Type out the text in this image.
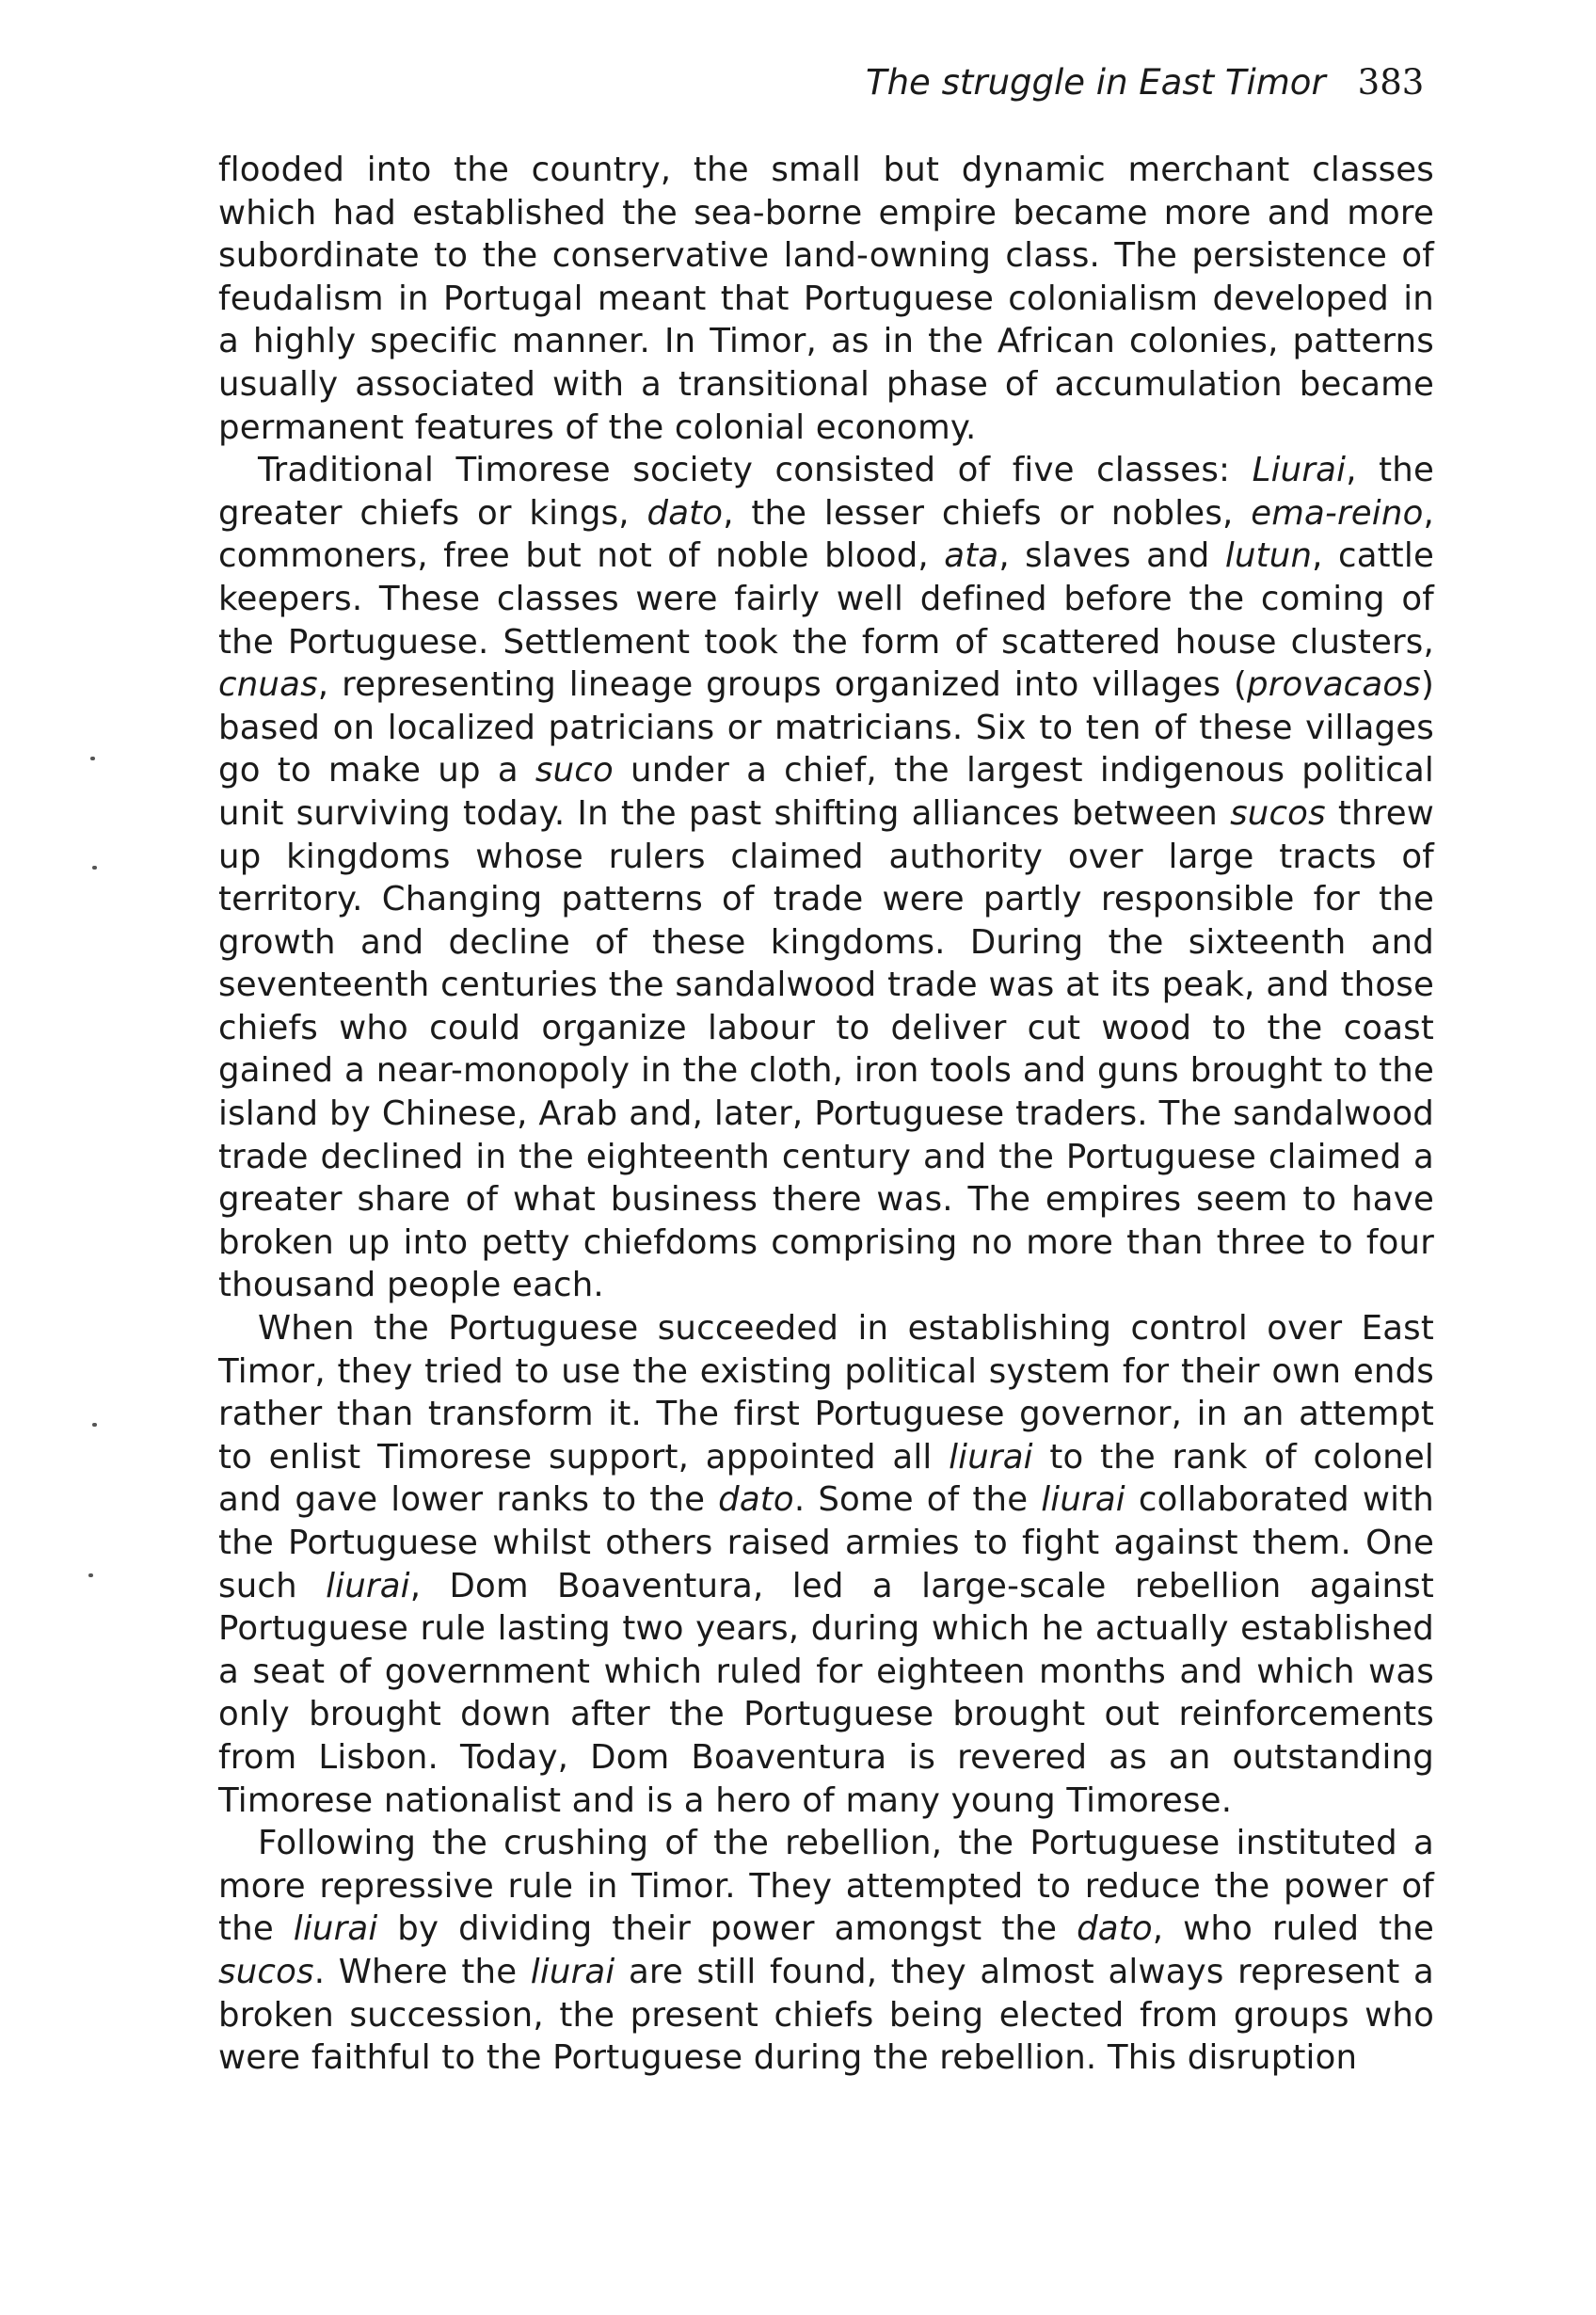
The struggle in East Timor 383

flooded into the country, the small but dynamic merchant classes which had established the sea-borne empire became more and more subordinate to the conservative land-owning class. The persistence of feudalism in Portugal meant that Portuguese colonialism developed in a highly specific manner. In Timor, as in the African colonies, patterns usually associated with a transitional phase of accumulation became permanent features of the colonial economy.

Traditional Timorese society consisted of five classes: Liurai, the greater chiefs or kings, dato, the lesser chiefs or nobles, ema-reino, commoners, free but not of noble blood, ata, slaves and lutun, cattle keepers. These classes were fairly well defined before the coming of the Portuguese. Settlement took the form of scattered house clusters, cnuas, representing lineage groups organized into villages (provacaos) based on localized patricians or matricians. Six to ten of these villages go to make up a suco under a chief, the largest indigenous political unit surviving today. In the past shifting alliances between sucos threw up kingdoms whose rulers claimed authority over large tracts of territory. Changing patterns of trade were partly responsible for the growth and decline of these kingdoms. During the sixteenth and seventeenth centuries the sandalwood trade was at its peak, and those chiefs who could organize labour to deliver cut wood to the coast gained a near-monopoly in the cloth, iron tools and guns brought to the island by Chinese, Arab and, later, Portuguese traders. The sandalwood trade declined in the eighteenth century and the Portuguese claimed a greater share of what business there was. The empires seem to have broken up into petty chiefdoms comprising no more than three to four thousand people each.

When the Portuguese succeeded in establishing control over East Timor, they tried to use the existing political system for their own ends rather than transform it. The first Portuguese governor, in an attempt to enlist Timorese support, appointed all liurai to the rank of colonel and gave lower ranks to the dato. Some of the liurai collaborated with the Portuguese whilst others raised armies to fight against them. One such liurai, Dom Boaventura, led a large-scale rebellion against Portuguese rule lasting two years, during which he actually established a seat of government which ruled for eighteen months and which was only brought down after the Portuguese brought out reinforcements from Lisbon. Today, Dom Boaventura is revered as an outstanding Timorese nationalist and is a hero of many young Timorese.

Following the crushing of the rebellion, the Portuguese instituted a more repressive rule in Timor. They attempted to reduce the power of the liurai by dividing their power amongst the dato, who ruled the sucos. Where the liurai are still found, they almost always represent a broken succession, the present chiefs being elected from groups who were faithful to the Portuguese during the rebellion. This disruption
